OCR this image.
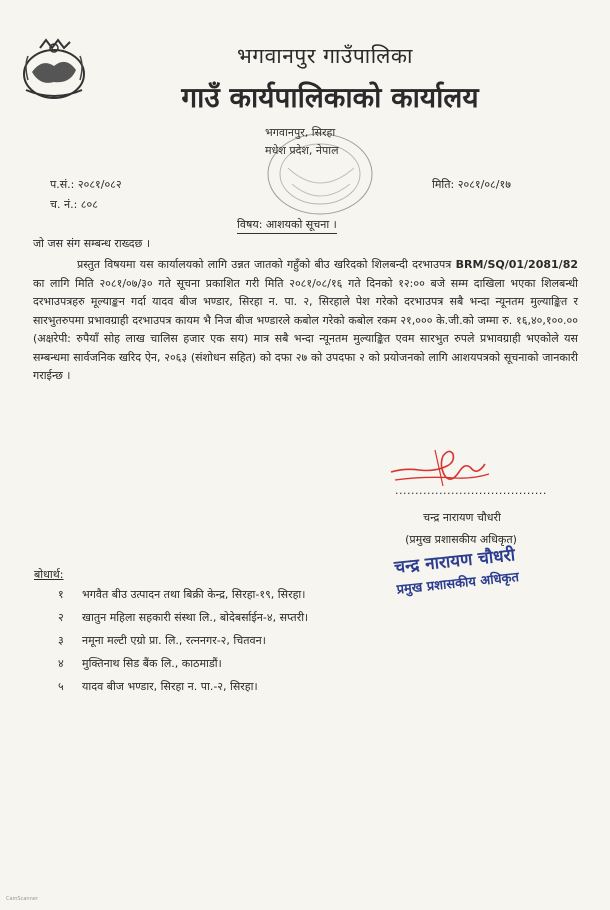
भगवानपुर गाउँपालिका
गाउँ कार्यपालिकाको कार्यालय
भगवानपुर, सिरहा
मधेश प्रदेश, नेपाल
प.सं.: २०८१/०८२
च. नं.: ८०८
मिति: २०८१/०८/१७
विषय: आशयको सूचना ।
जो जस संग सम्बन्ध राख्दछ ।
प्रस्तुत विषयमा यस कार्यालयको लागि उन्नत जातको गहुँको बीउ खरिदको शिलबन्दी दरभाउपत्र BRM/SQ/01/2081/82 का लागि मिति २०८१/०७/३० गते सूचना प्रकाशित गरी मिति २०८१/०८/१६ गते दिनको १२:०० बजे सम्म दाखिला भएका शिलबन्धी दरभाउपत्रहरु मूल्याङ्कन गर्दा यादव बीज भण्डार, सिरहा न. पा. २, सिरहाले पेश गरेको दरभाउपत्र सबै भन्दा न्यूनतम मुल्याङ्कित र सारभुतरुपमा प्रभावग्राही दरभाउपत्र कायम भै निज बीज भण्डारले कबोल गरेको कबोल रकम २१,००० के.जी.को जम्मा रु. १६,४०,१००.०० (अक्षरेपी: रुपैयाँ सोह लाख चालिस हजार एक सय) मात्र सबै भन्दा न्यूनतम मुल्याङ्कित एवम सारभुत रुपले प्रभावग्राही भएकोले यस सम्बन्धमा सार्वजनिक खरिद ऐन, २०६३ (संशोधन सहित) को दफा २७ को उपदफा २ को प्रयोजनको लागि आशयपत्रको सूचनाको जानकारी गराईन्छ ।
......................................
चन्द्र नारायण चौधरी
(प्रमुख प्रशासकीय अधिकृत)
चन्द्र नारायण चौधरी
प्रमुख प्रशासकीय अधिकृत
बोधार्थ:
१ भगवैत बीउ उत्पादन तथा बिक्री केन्द्र, सिरहा-१९, सिरहा।
२ खातुन महिला सहकारी संस्था लि., बोदेबर्साईन-४, सप्तरी।
३ नमूना मल्टी एग्रो प्रा. लि., रत्ननगर-२, चितवन।
४ मुक्तिनाथ सिड बैंक लि., काठमाडौं।
५ यादव बीज भण्डार, सिरहा न. पा.-२, सिरहा।
CamScanner
